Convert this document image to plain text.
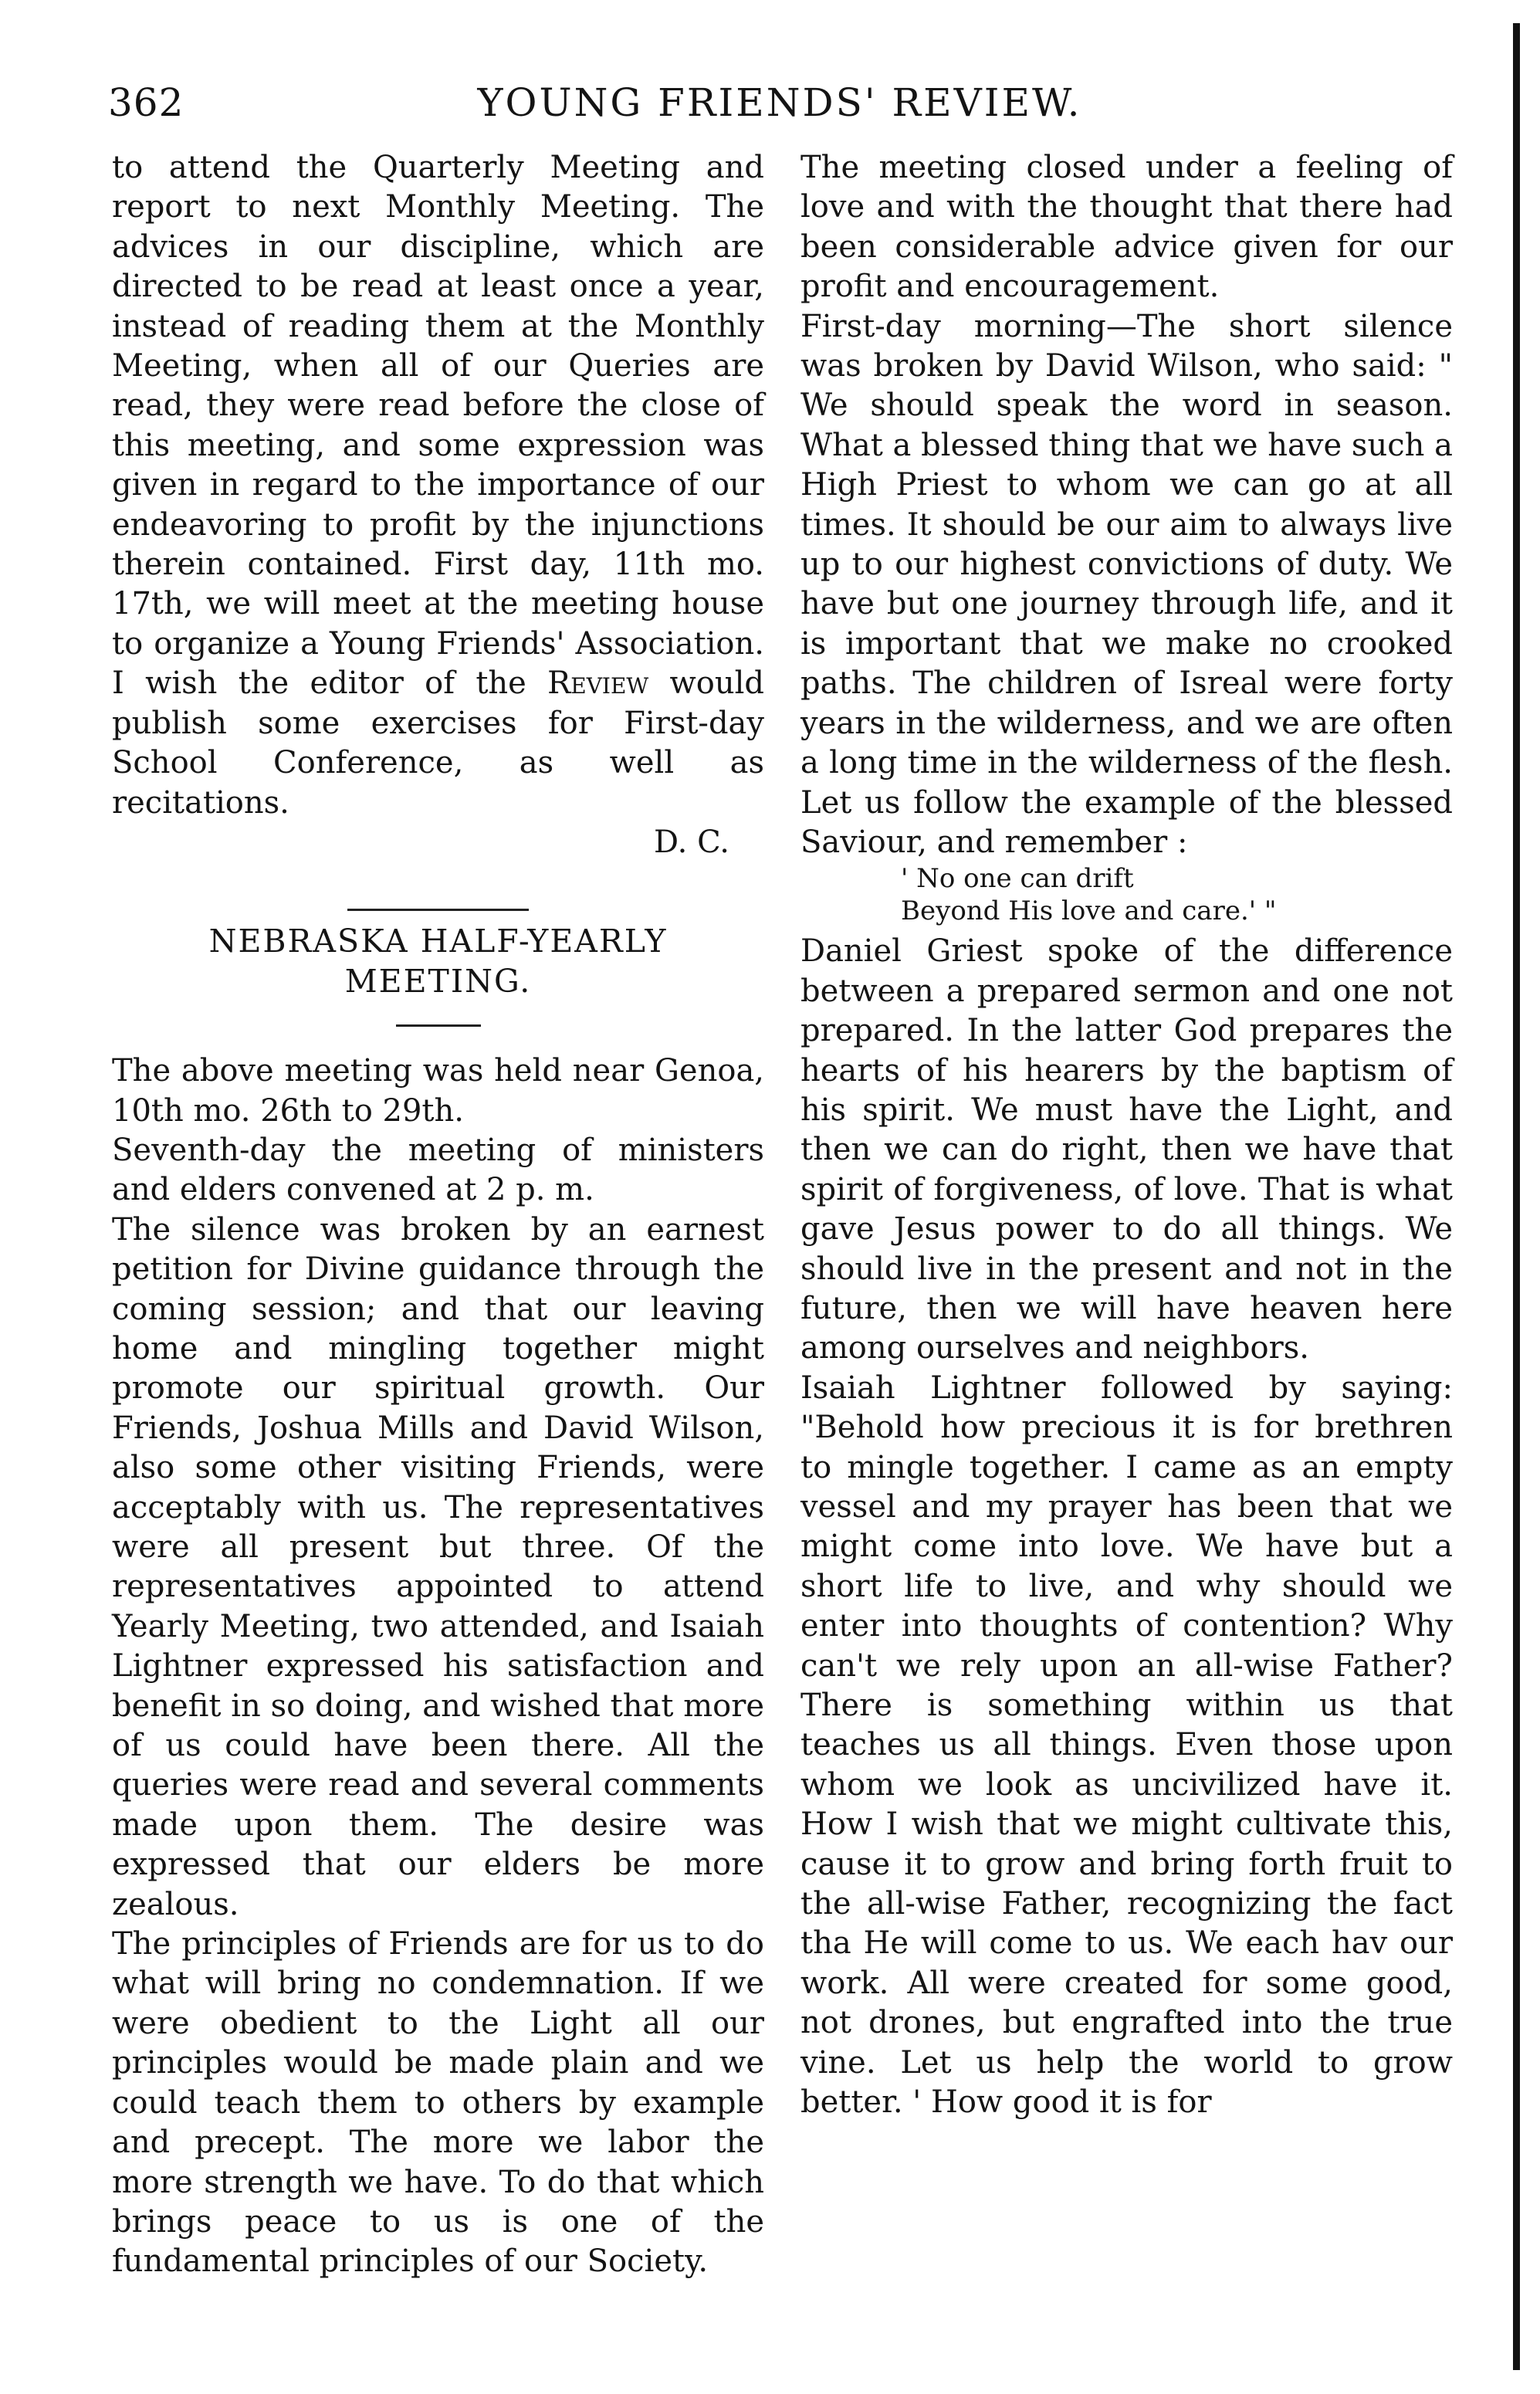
362	YOUNG FRIENDS' REVIEW.

to attend the Quarterly Meeting and report to next Monthly Meeting. The advices in our discipline, which are directed to be read at least once a year, instead of reading them at the Monthly Meeting, when all of our Queries are read, they were read before the close of this meeting, and some expression was given in regard to the importance of our endeavoring to profit by the injunctions therein contained. First day, 11th mo. 17th, we will meet at the meeting house to organize a Young Friends' Association. I wish the editor of the Review would publish some exercises for First-day School Conference, as well as recitations.

D. C.

NEBRASKA HALF-YEARLY

MEETING.

The above meeting was held near Genoa, 10th mo. 26th to 29th.

Seventh-day the meeting of ministers and elders convened at 2 p. m.

The silence was broken by an earnest petition for Divine guidance through the coming session; and that our leaving home and mingling together might promote our spiritual growth. Our Friends, Joshua Mills and David Wilson, also some other visiting Friends, were acceptably with us. The representatives were all present but three. Of the representatives appointed to attend Yearly Meeting, two attended, and Isaiah Lightner expressed his satisfaction and benefit in so doing, and wished that more of us could have been there. All the queries were read and several comments made upon them. The desire was expressed that our elders be more zealous.

The principles of Friends are for us to do what will bring no condemnation. If we were obedient to the Light all our principles would be made plain and we could teach them to others by example and precept. The more we labor the more strength we have. To do that which brings peace to us is one of the fundamental principles of our Society.

The meeting closed under a feeling of love and with the thought that there had been considerable advice given for our profit and encouragement.

First-day morning—The short silence was broken by David Wilson, who said: " We should speak the word in season. What a blessed thing that we have such a High Priest to whom we can go at all times. It should be our aim to always live up to our highest convictions of duty. We have but one journey through life, and it is important that we make no crooked paths. The children of Isreal were forty years in the wilderness, and we are often a long time in the wilderness of the flesh. Let us follow the example of the blessed Saviour, and remember :

' No one can drift

Beyond His love and care.' "

Daniel Griest spoke of the difference between a prepared sermon and one not prepared. In the latter God prepares the hearts of his hearers by the baptism of his spirit. We must have the Light, and then we can do right, then we have that spirit of forgiveness, of love. That is what gave Jesus power to do all things. We should live in the present and not in the future, then we will have heaven here among ourselves and neighbors.

Isaiah Lightner followed by saying: "Behold how precious it is for brethren to mingle together. I came as an empty vessel and my prayer has been that we might come into love. We have but a short life to live, and why should we enter into thoughts of contention? Why can't we rely upon an all-wise Father? There is something within us that teaches us all things. Even those upon whom we look as uncivilized have it. How I wish that we might cultivate this, cause it to grow and bring forth fruit to the all-wise Father, recognizing the fact tha He will come to us. We each hav our work. All were created for some good, not drones, but engrafted into the true vine. Let us help the world to grow better. ' How good it is for
